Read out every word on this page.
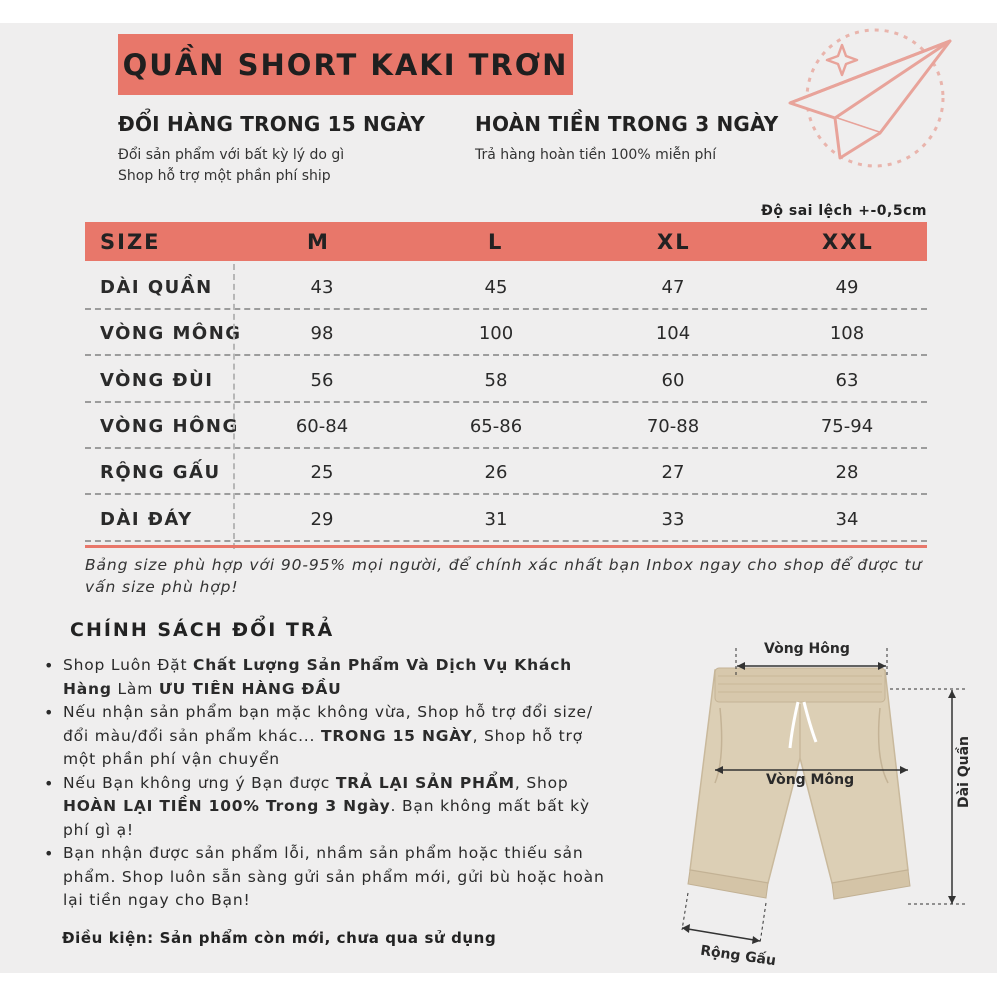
QUẦN SHORT KAKI TRƠN
ĐỔI HÀNG TRONG 15 NGÀY
Đổi sản phẩm với bất kỳ lý do gì
Shop hỗ trợ một phần phí ship
HOÀN TIỀN TRONG 3 NGÀY
Trả hàng hoàn tiền 100% miễn phí
Độ sai lệch +-0,5cm
SIZE	M	L	XL	XXL
DÀI QUẦN	43	45	47	49
VÒNG MÔNG	98	100	104	108
VÒNG ĐÙI	56	58	60	63
VÒNG HÔNG	60-84	65-86	70-88	75-94
RỘNG GẤU	25	26	27	28
DÀI ĐÁY	29	31	33	34
Bảng size phù hợp với 90-95% mọi người, để chính xác nhất bạn Inbox ngay cho shop để được tư vấn size phù hợp!
CHÍNH SÁCH ĐỔI TRẢ
• Shop Luôn Đặt Chất Lượng Sản Phẩm Và Dịch Vụ Khách Hàng Làm ƯU TIÊN HÀNG ĐẦU
• Nếu nhận sản phẩm bạn mặc không vừa, Shop hỗ trợ đổi size/đổi màu/đổi sản phẩm khác... TRONG 15 NGÀY, Shop hỗ trợ một phần phí vận chuyển
• Nếu Bạn không ưng ý Bạn được TRẢ LẠI SẢN PHẨM, Shop HOÀN LẠI TIỀN 100% Trong 3 Ngày. Bạn không mất bất kỳ phí gì ạ!
• Bạn nhận được sản phẩm lỗi, nhầm sản phẩm hoặc thiếu sản phẩm. Shop luôn sẵn sàng gửi sản phẩm mới, gửi bù hoặc hoàn lại tiền ngay cho Bạn!
Điều kiện: Sản phẩm còn mới, chưa qua sử dụng
Vòng Hông
Vòng Mông	Dài Quần
Rộng Gấu
